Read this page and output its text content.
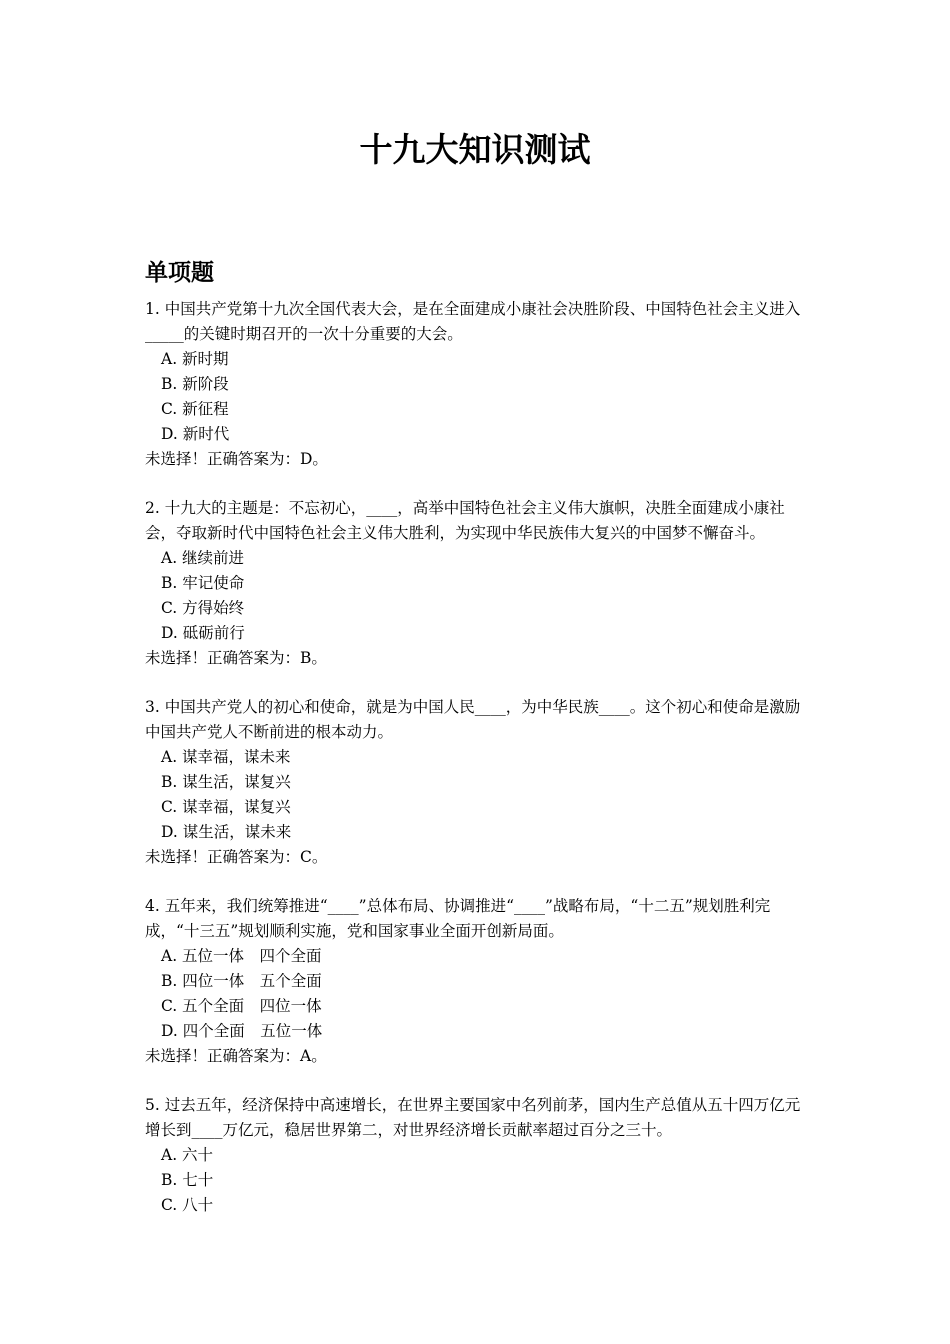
十九大知识测试
单项题

1. 中国共产党第十九次全国代表大会，是在全面建成小康社会决胜阶段、中国特色社会主义进入_____的关键时期召开的一次十分重要的大会。

A. 新时期
B. 新阶段
C. 新征程
D. 新时代

未选择！正确答案为：D。

2. 十九大的主题是：不忘初心，____，高举中国特色社会主义伟大旗帜，决胜全面建成小康社会，夺取新时代中国特色社会主义伟大胜利，为实现中华民族伟大复兴的中国梦不懈奋斗。

A. 继续前进
B. 牢记使命
C. 方得始终
D. 砥砺前行

未选择！正确答案为：B。

3. 中国共产党人的初心和使命，就是为中国人民____，为中华民族____。这个初心和使命是激励中国共产党人不断前进的根本动力。

A. 谋幸福，谋未来
B. 谋生活，谋复兴
C. 谋幸福，谋复兴
D. 谋生活，谋未来

未选择！正确答案为：C。

4. 五年来，我们统筹推进“____”总体布局、协调推进“____”战略布局，“十二五”规划胜利完成，“十三五”规划顺利实施，党和国家事业全面开创新局面。

A. 五位一体　四个全面
B. 四位一体　五个全面
C. 五个全面　四位一体
D. 四个全面　五位一体

未选择！正确答案为：A。

5. 过去五年，经济保持中高速增长，在世界主要国家中名列前茅，国内生产总值从五十四万亿元增长到____万亿元，稳居世界第二，对世界经济增长贡献率超过百分之三十。

A. 六十
B. 七十
C. 八十
